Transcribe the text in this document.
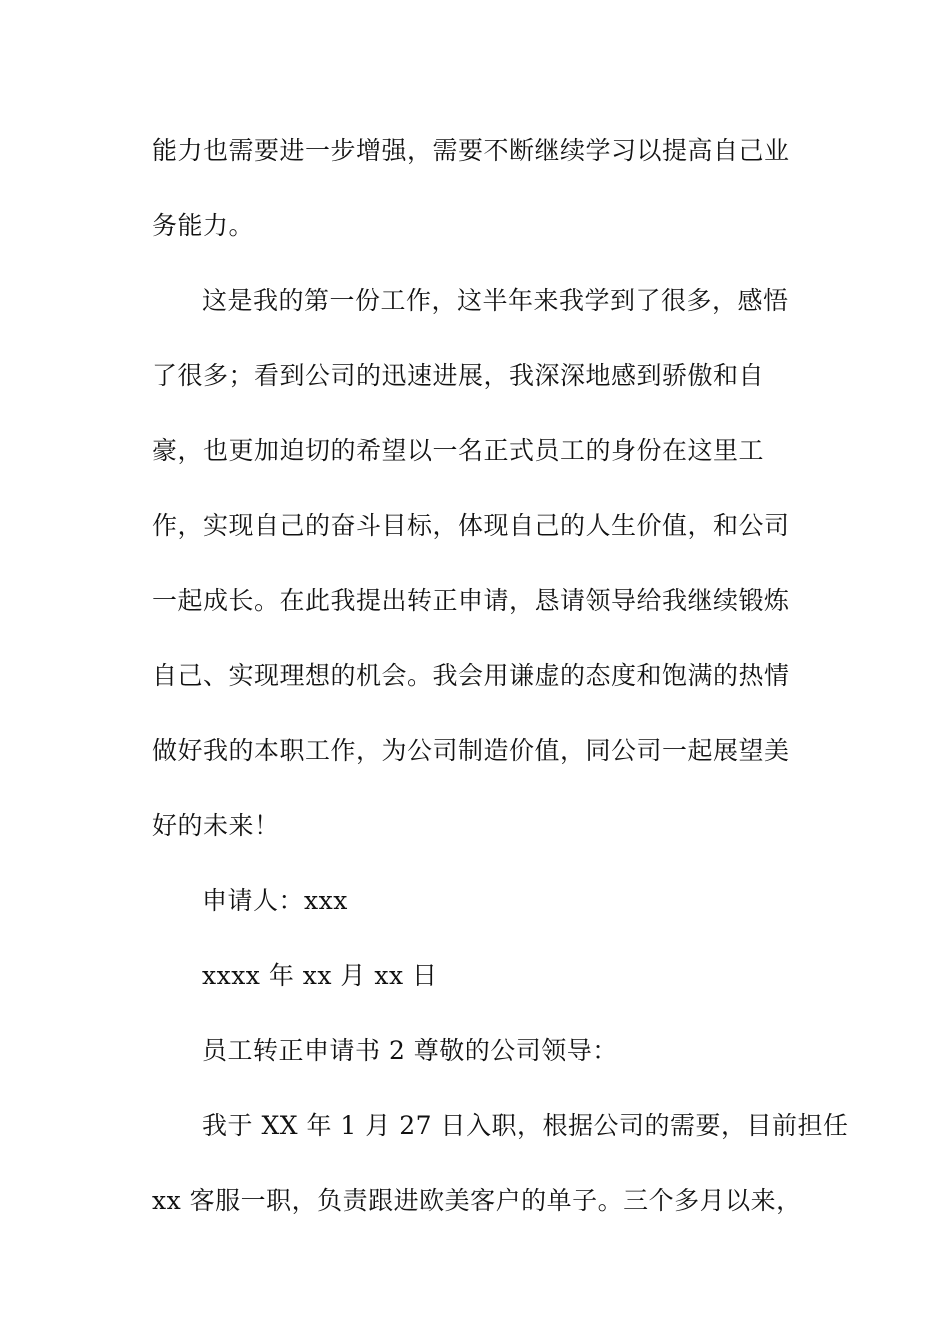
能力也需要进一步增强，需要不断继续学习以提高自己业
务能力。
这是我的第一份工作，这半年来我学到了很多，感悟
了很多；看到公司的迅速进展，我深深地感到骄傲和自
豪，也更加迫切的希望以一名正式员工的身份在这里工
作，实现自己的奋斗目标，体现自己的人生价值，和公司
一起成长。在此我提出转正申请，恳请领导给我继续锻炼
自己、实现理想的机会。我会用谦虚的态度和饱满的热情
做好我的本职工作，为公司制造价值，同公司一起展望美
好的未来！
申请人：xxx
xxxx 年 xx 月 xx 日
员工转正申请书 2 尊敬的公司领导：
我于 XX 年 1 月 27 日入职，根据公司的需要，目前担任
xx 客服一职，负责跟进欧美客户的单子。三个多月以来，
